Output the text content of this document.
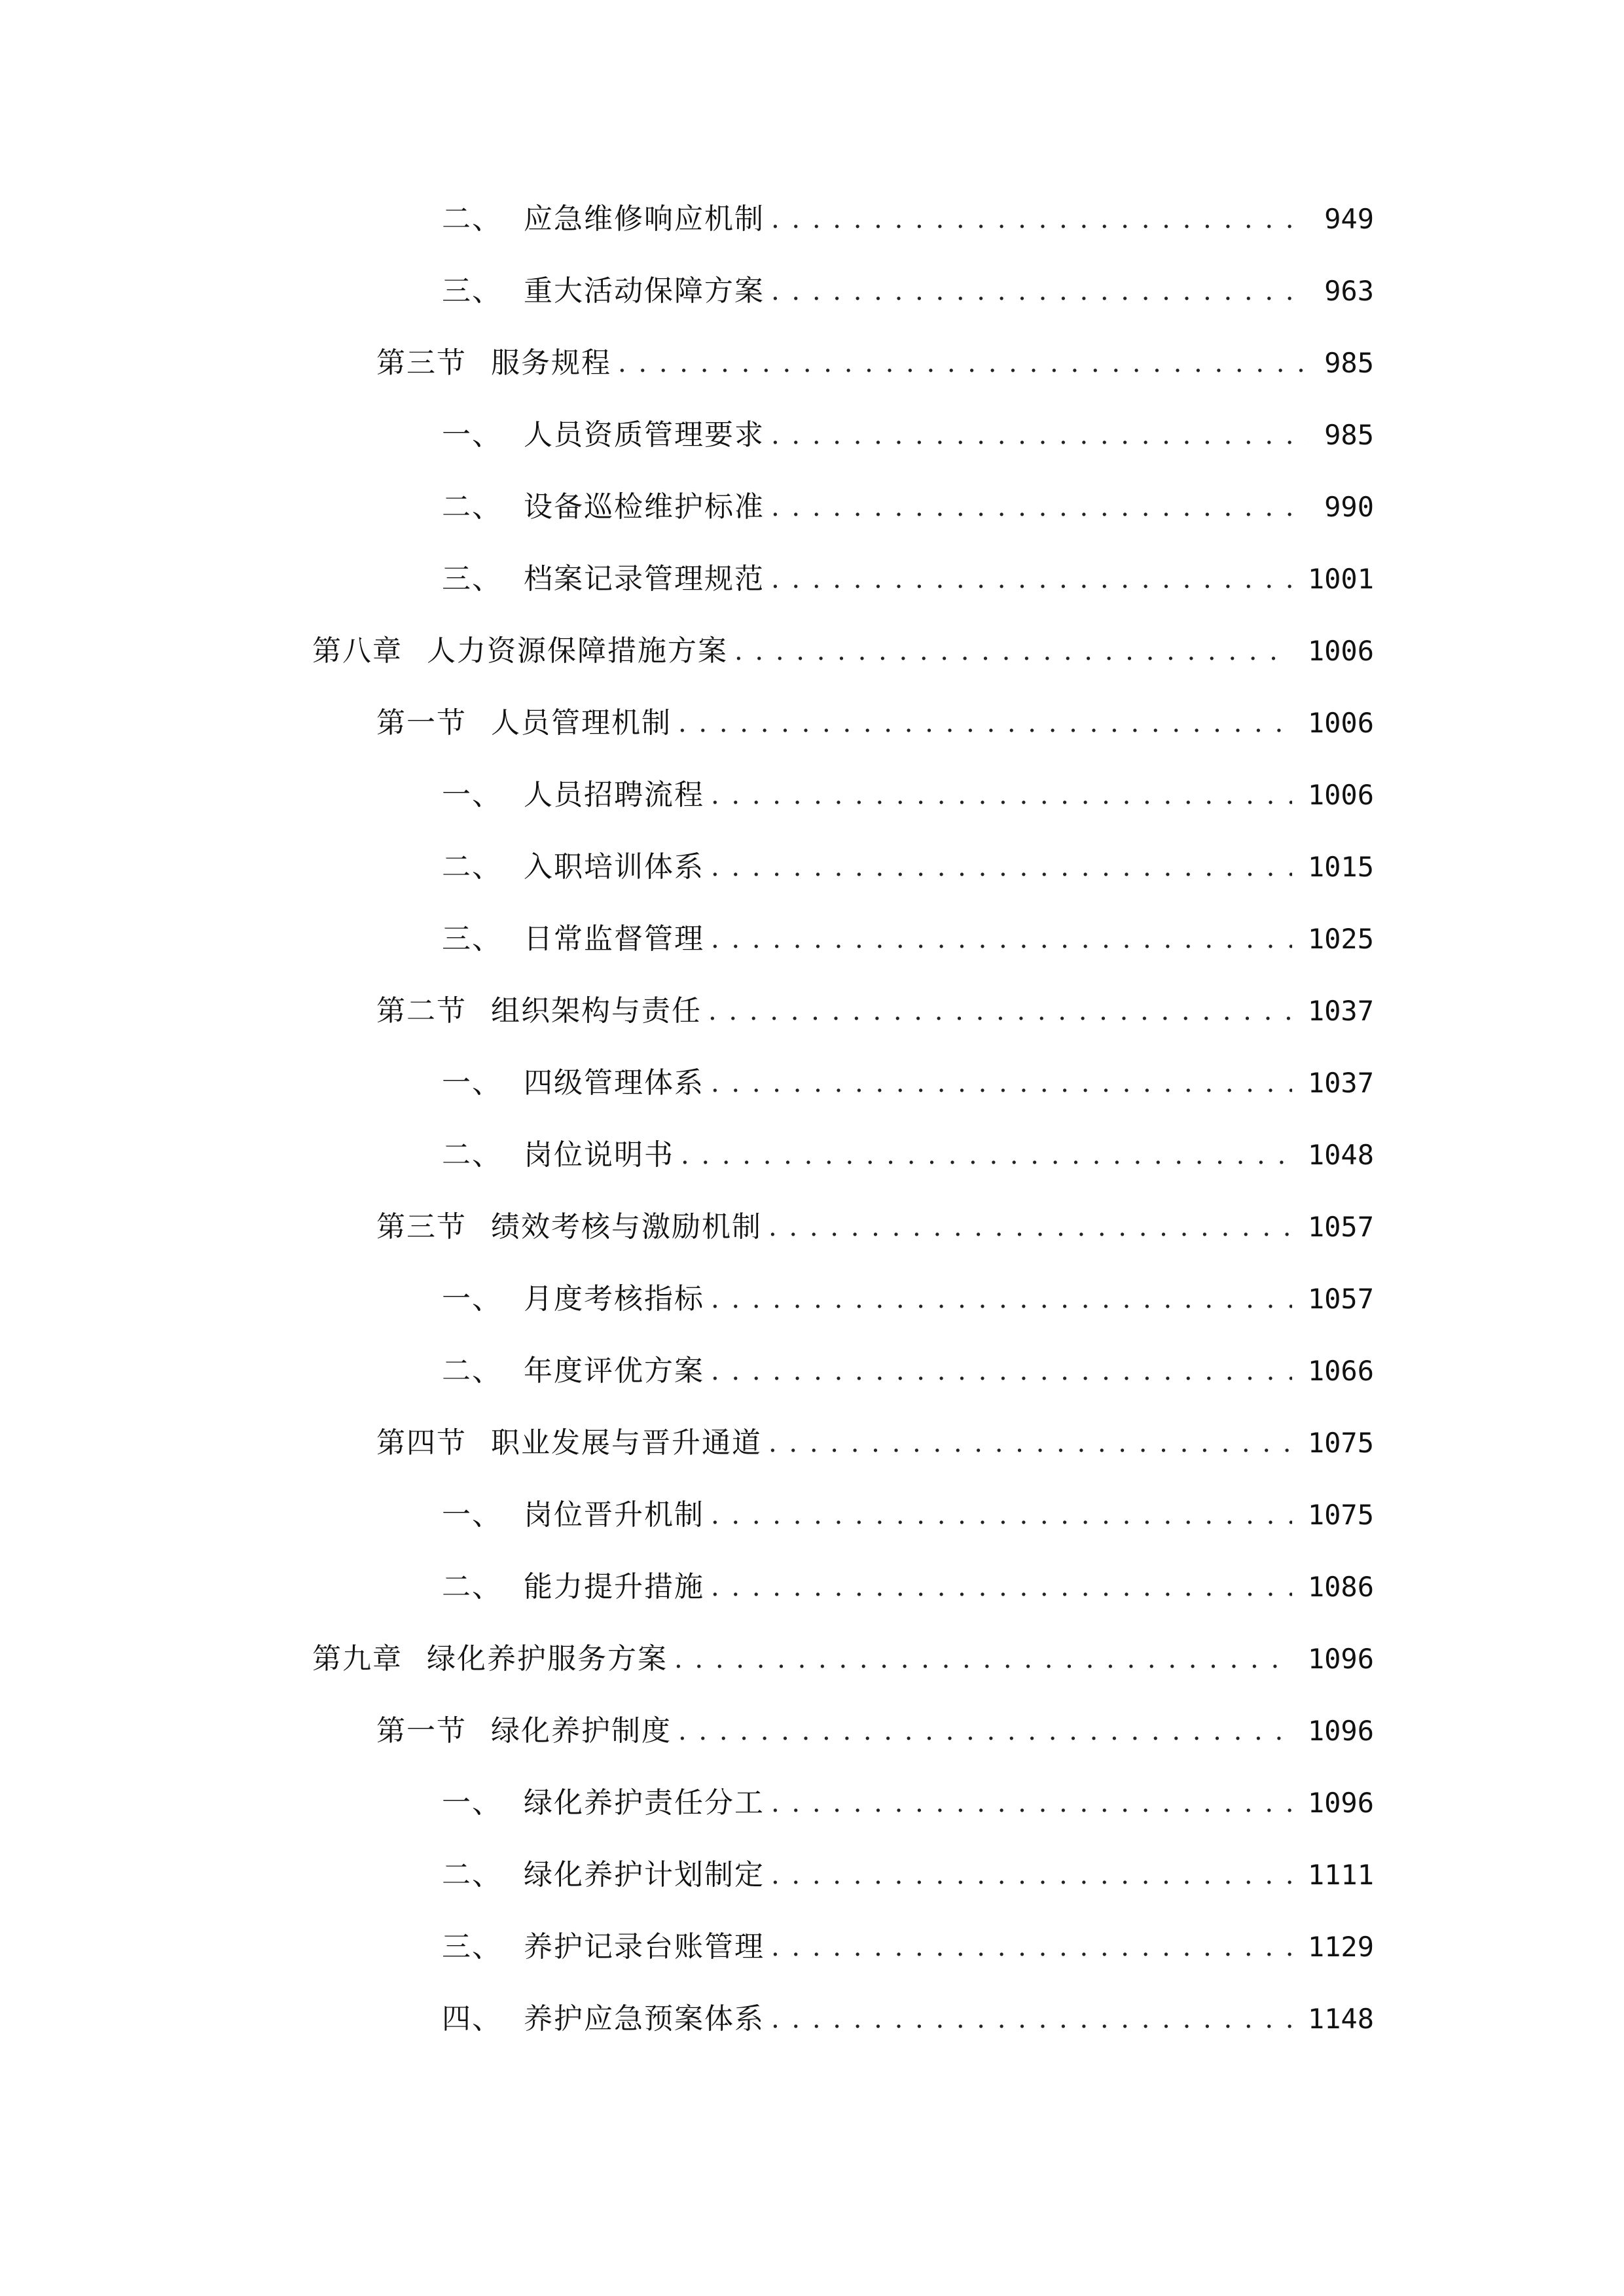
二、 应急维修响应机制 . . .	949
三、 重大活动保障方案 . . .	963
第三节 服务规程 . . .	985
一、 人员资质管理要求 . . .	985
二、 设备巡检维护标准 . . .	990
三、 档案记录管理规范 . . .	1001
第八章 人力资源保障措施方案 . . .	1006
第一节 人员管理机制 . . .	1006
一、 人员招聘流程 . . .	1006
二、 入职培训体系 . . .	1015
三、 日常监督管理 . . .	1025
第二节 组织架构与责任 . . .	1037
一、 四级管理体系 . . .	1037
二、 岗位说明书 . . .	1048
第三节 绩效考核与激励机制 . . .	1057
一、 月度考核指标 . . .	1057
二、 年度评优方案 . . .	1066
第四节 职业发展与晋升通道 . . .	1075
一、 岗位晋升机制 . . .	1075
二、 能力提升措施 . . .	1086
第九章 绿化养护服务方案 . . .	1096
第一节 绿化养护制度 . . .	1096
一、 绿化养护责任分工 . . .	1096
二、 绿化养护计划制定 . . .	1111
三、 养护记录台账管理 . . .	1129
四、 养护应急预案体系 . . .	1148
